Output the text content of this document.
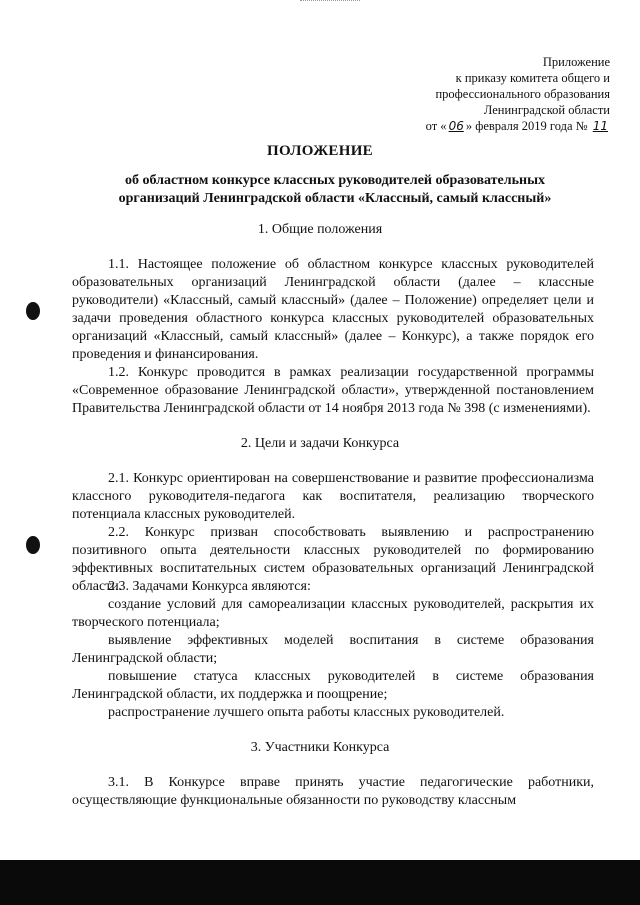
Приложение
к приказу комитета общего и
профессионального образования
Ленинградской области
от « 06 » февраля 2019 года № 11
ПОЛОЖЕНИЕ
об областном конкурсе классных руководителей образовательных
организаций Ленинградской области «Классный, самый классный»
1. Общие положения

1.1. Настоящее положение об областном конкурсе классных руководителей образовательных организаций Ленинградской области (далее – классные руководители) «Классный, самый классный» (далее – Положение) определяет цели и задачи проведения областного конкурса классных руководителей образовательных организаций «Классный, самый классный» (далее – Конкурс), а также порядок его проведения и финансирования.

1.2. Конкурс проводится в рамках реализации государственной программы «Современное образование Ленинградской области», утвержденной постановлением Правительства Ленинградской области от 14 ноября 2013 года № 398 (с изменениями).

2. Цели и задачи Конкурса

2.1. Конкурс ориентирован на совершенствование и развитие профессионализма классного руководителя-педагога как воспитателя, реализацию творческого потенциала классных руководителей.

2.2. Конкурс призван способствовать выявлению и распространению позитивного опыта деятельности классных руководителей по формированию эффективных воспитательных систем образовательных организаций Ленинградской области.

2.3. Задачами Конкурса являются:

создание условий для самореализации классных руководителей, раскрытия их творческого потенциала;

выявление эффективных моделей воспитания в системе образования Ленинградской области;

повышение статуса классных руководителей в системе образования Ленинградской области, их поддержка и поощрение;

распространение лучшего опыта работы классных руководителей.

3. Участники Конкурса

3.1. В Конкурсе вправе принять участие педагогические работники, осуществляющие функциональные обязанности по руководству классным
